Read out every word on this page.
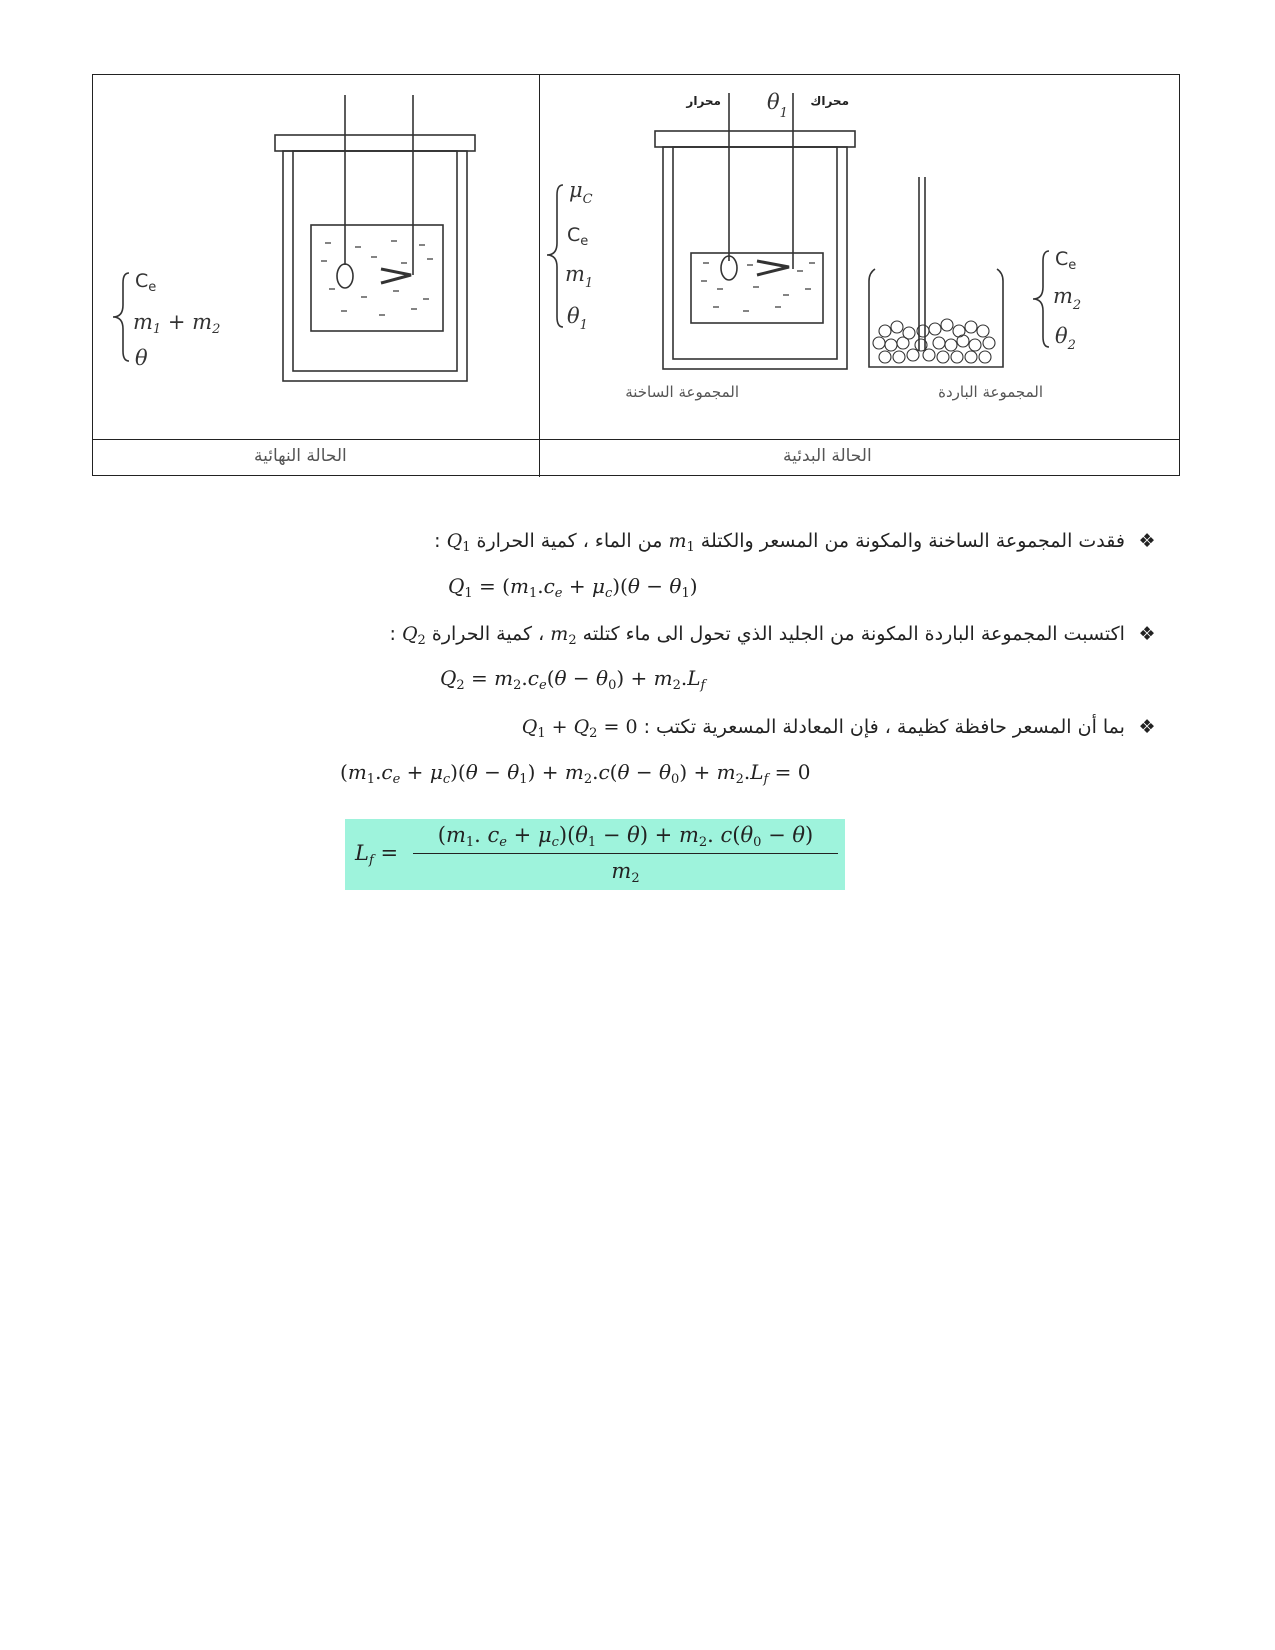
$C_e$
m1 + m2
θ
محرار $\theta_1$
محراك
$\mu_C$
$C_e$
$m_1$
$\theta_1$
المجموعة الساخنة
$C_e$
$m_2$
$\theta_2$
المجموعة الباردة
الحالة النهائية	الحالة البدئية
❖ فقدت المجموعة الساخنة والمكونة من المسعر والكتلة $m_1$ من الماء ، كمية الحرارة $Q_1$ :
$Q_1 = (m_1.c_e + \mu_c)(\theta - \theta_1)$
❖ اكتسبت المجموعة الباردة المكونة من الجليد الذي تحول الى ماء كتلته $m_2$ ، كمية الحرارة $Q_2$ :
$Q_2 = m_2.c_e(\theta - \theta_0) + m_2.L_f$
❖ بما أن المسعر حافظة كظيمة ، فإن المعادلة المسعرية تكتب : $Q_1 + Q_2 = 0$
$(m_1.c_e + \mu_c)(\theta - \theta_1) + m_2.c(\theta - \theta_0) + m_2.L_f = 0$
$L_f$ =
($m_1$. $c_e + \mu_c)(\theta_1 - \theta) + m_2$. $c(\theta_0 - \theta)$
$m_2$
